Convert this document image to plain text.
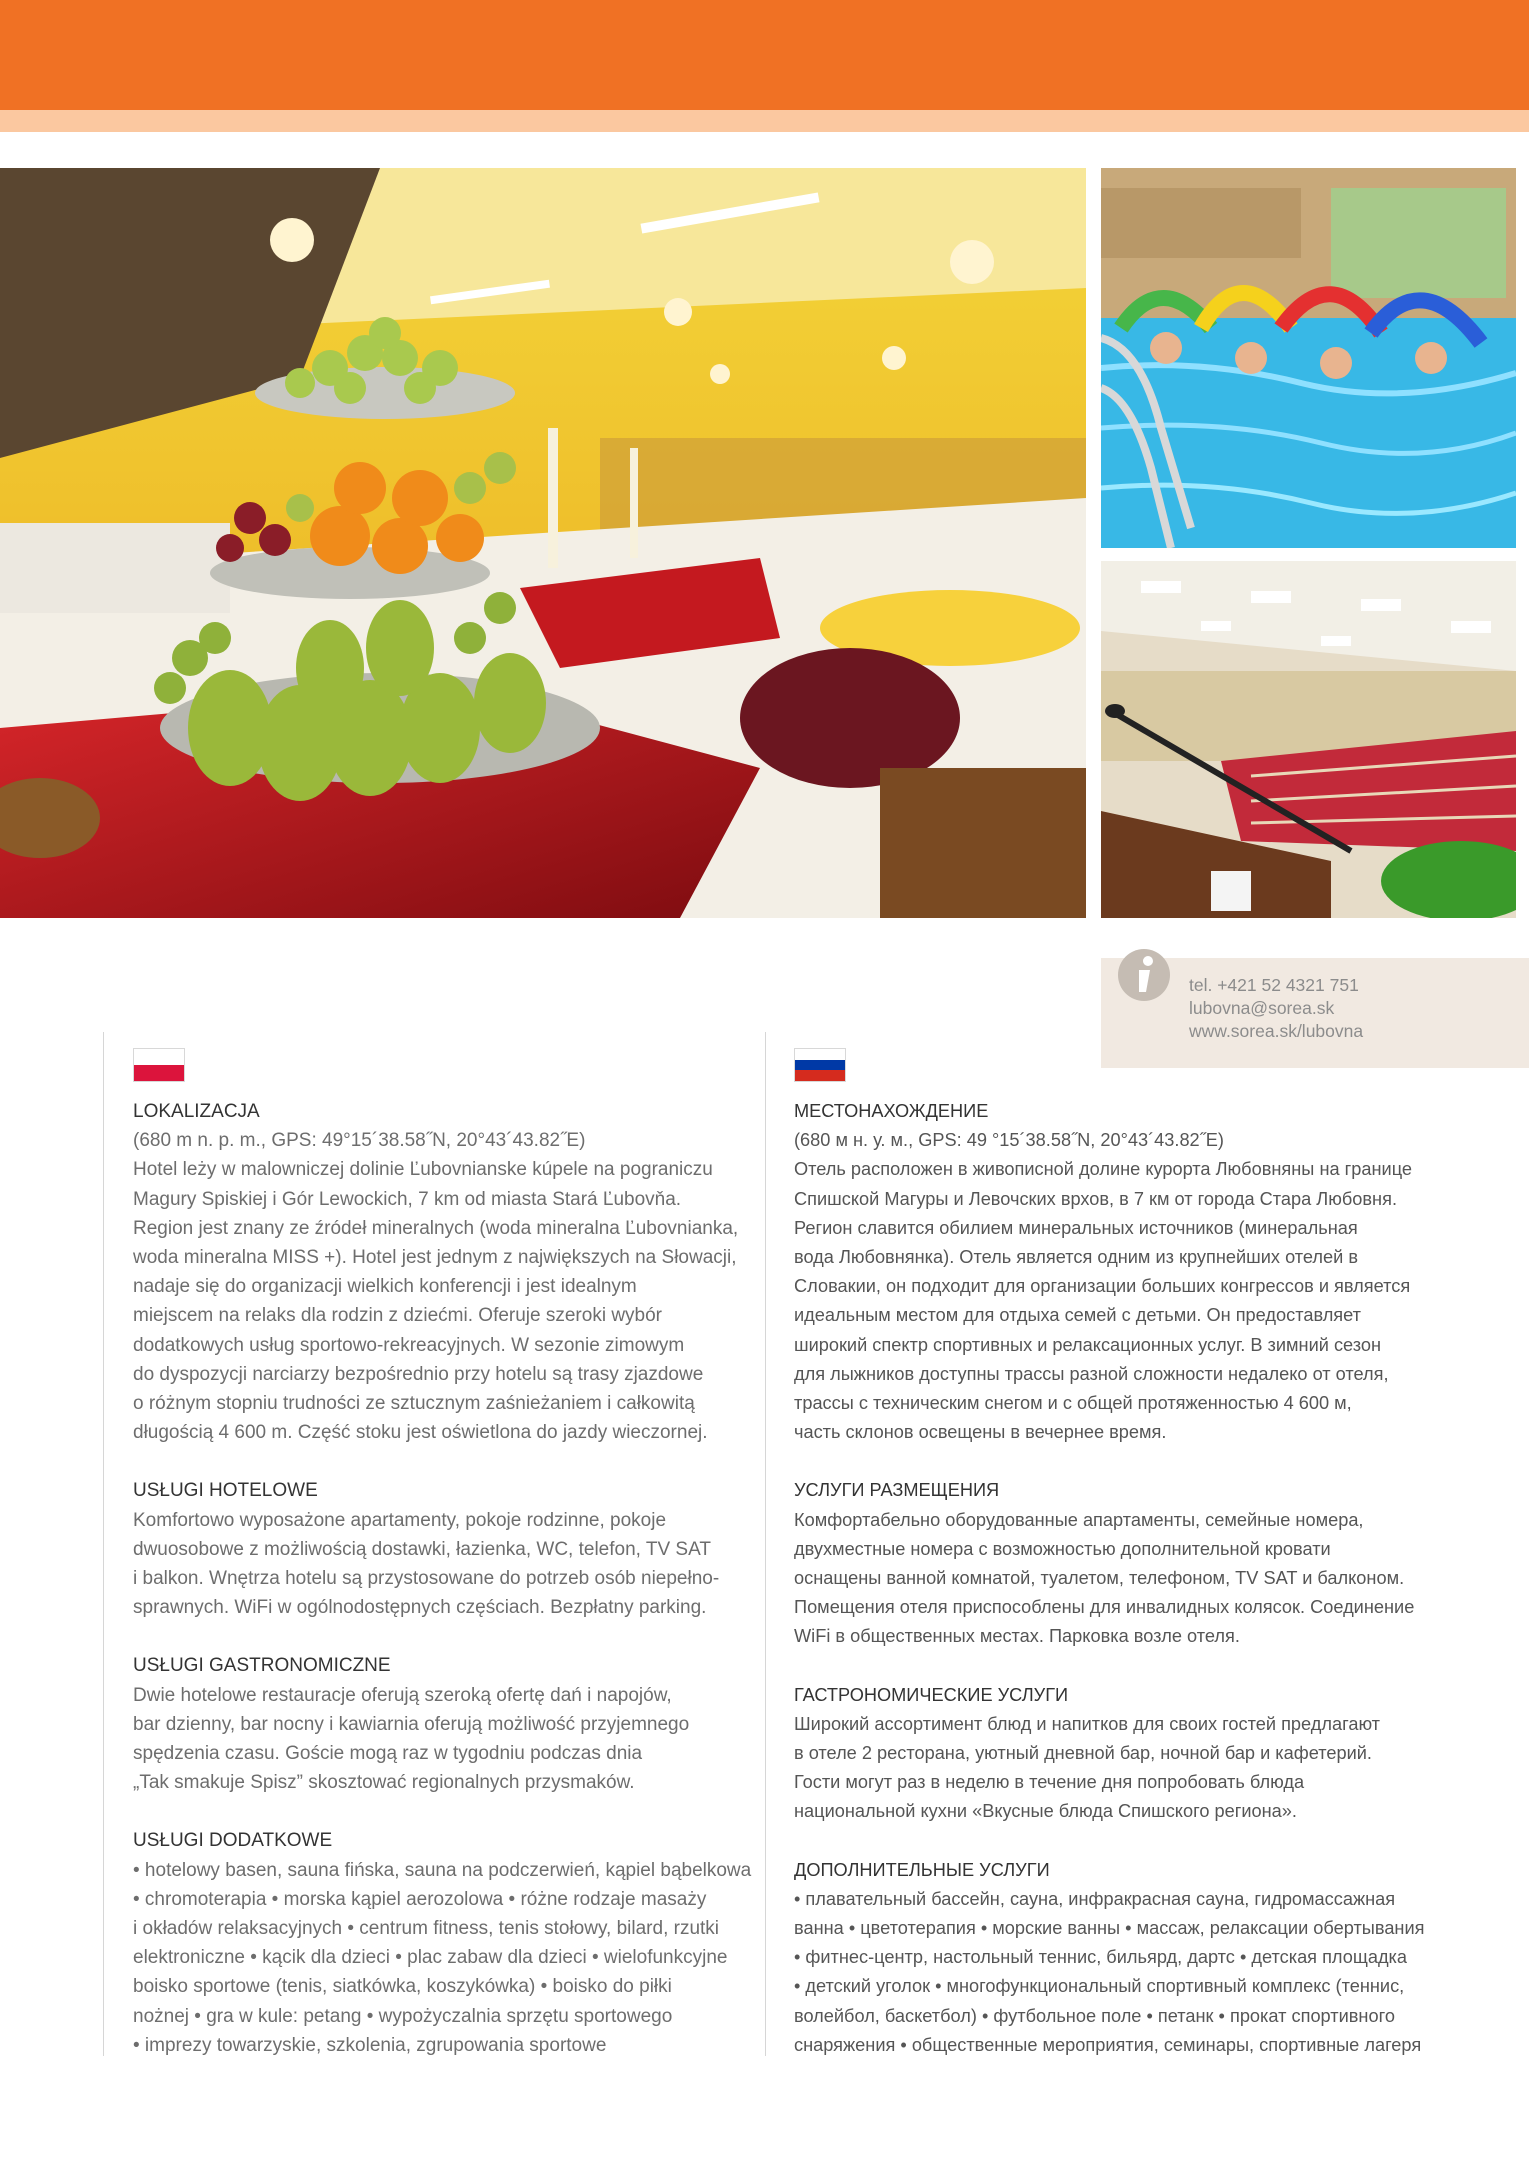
tel. +421 52 4321 751
lubovna@sorea.sk
www.sorea.sk/lubovna
LOKALIZACJA
(680 m n. p. m., GPS: 49°15´38.58˝N, 20°43´43.82˝E)
Hotel leży w malowniczej dolinie Ľubovnianske kúpele na pograniczu
Magury Spiskiej i Gór Lewockich, 7 km od miasta Stará Ľubovňa.
Region jest znany ze źródeł mineralnych (woda mineralna Ľubovnianka,
woda mineralna MISS +). Hotel jest jednym z największych na Słowacji,
nadaje się do organizacji wielkich konferencji i jest idealnym
miejscem na relaks dla rodzin z dziećmi. Oferuje szeroki wybór
dodatkowych usług sportowo-rekreacyjnych. W sezonie zimowym
do dyspozycji narciarzy bezpośrednio przy hotelu są trasy zjazdowe
o różnym stopniu trudności ze sztucznym zaśnieżaniem i całkowitą
długością 4 600 m. Część stoku jest oświetlona do jazdy wieczornej.
USŁUGI HOTELOWE
Komfortowo wyposażone apartamenty, pokoje rodzinne, pokoje
dwuosobowe z możliwością dostawki, łazienka, WC, telefon, TV SAT
i balkon. Wnętrza hotelu są przystosowane do potrzeb osób niepełno-
sprawnych. WiFi w ogólnodostępnych częściach. Bezpłatny parking.
USŁUGI GASTRONOMICZNE
Dwie hotelowe restauracje oferują szeroką ofertę dań i napojów,
bar dzienny, bar nocny i kawiarnia oferują możliwość przyjemnego
spędzenia czasu. Goście mogą raz w tygodniu podczas dnia
„Tak smakuje Spisz” skosztować regionalnych przysmaków.
USŁUGI DODATKOWE
• hotelowy basen, sauna fińska, sauna na podczerwień, kąpiel bąbelkowa
• chromoterapia • morska kąpiel aerozolowa • różne rodzaje masaży
i okładów relaksacyjnych • centrum fitness, tenis stołowy, bilard, rzutki
elektroniczne • kącik dla dzieci • plac zabaw dla dzieci • wielofunkcyjne
boisko sportowe (tenis, siatkówka, koszykówka) • boisko do piłki
nożnej • gra w kule: petang • wypożyczalnia sprzętu sportowego
• imprezy towarzyskie, szkolenia, zgrupowania sportowe
МЕСТОНАХОЖДЕНИЕ
(680 м н. у. м., GPS: 49 °15´38.58˝N, 20°43´43.82˝E)
Отель расположен в живописной долине курорта Любовняны на границе
Спишской Магуры и Левочских врхов, в 7 км от города Стара Любовня.
Регион славится обилием минеральных источников (минеральная
вода Любовнянка). Отель является одним из крупнейших отелей в
Словакии, он подходит для организации больших конгрессов и является
идеальным местом для отдыха семей с детьми. Он предоставляет
широкий спектр спортивных и релаксационных услуг. В зимний сезон
для лыжников доступны трассы разной сложности недалеко от отеля,
трассы с техническим снегом и с общей протяженностью 4 600 м,
часть склонов освещены в вечернее время.
УСЛУГИ РАЗМЕЩЕНИЯ
Комфортабельно оборудованные апартаменты, семейные номера,
двухместные номера с возможностью дополнительной кровати
оснащены ванной комнатой, туалетом, телефоном, TV SAT и балконом.
Помещения отеля приспособлены для инвалидных колясок. Соединение
WiFi в общественных местах. Парковка возле отеля.
ГАСТРОНОМИЧЕСКИЕ УСЛУГИ
Широкий ассортимент блюд и напитков для своих гостей предлагают
в отеле 2 ресторана, уютный дневной бар, ночной бар и кафетерий.
Гости могут раз в неделю в течение дня попробовать блюда
национальной кухни «Вкусные блюда Спишского региона».
ДОПОЛНИТЕЛЬНЫЕ УСЛУГИ
• плавательный бассейн, сауна, инфракрасная сауна, гидромассажная
ванна • цветотерапия • морские ванны • массаж, релаксации обертывания
• фитнес-центр, настольный теннис, бильярд, дартс • детская площадка
• детский уголок • многофункциональный спортивный комплекс (теннис,
волейбол, баскетбол) • футбольное поле • петанк • прокат спортивного
снаряжения • общественные мероприятия, семинары, спортивные лагеря
